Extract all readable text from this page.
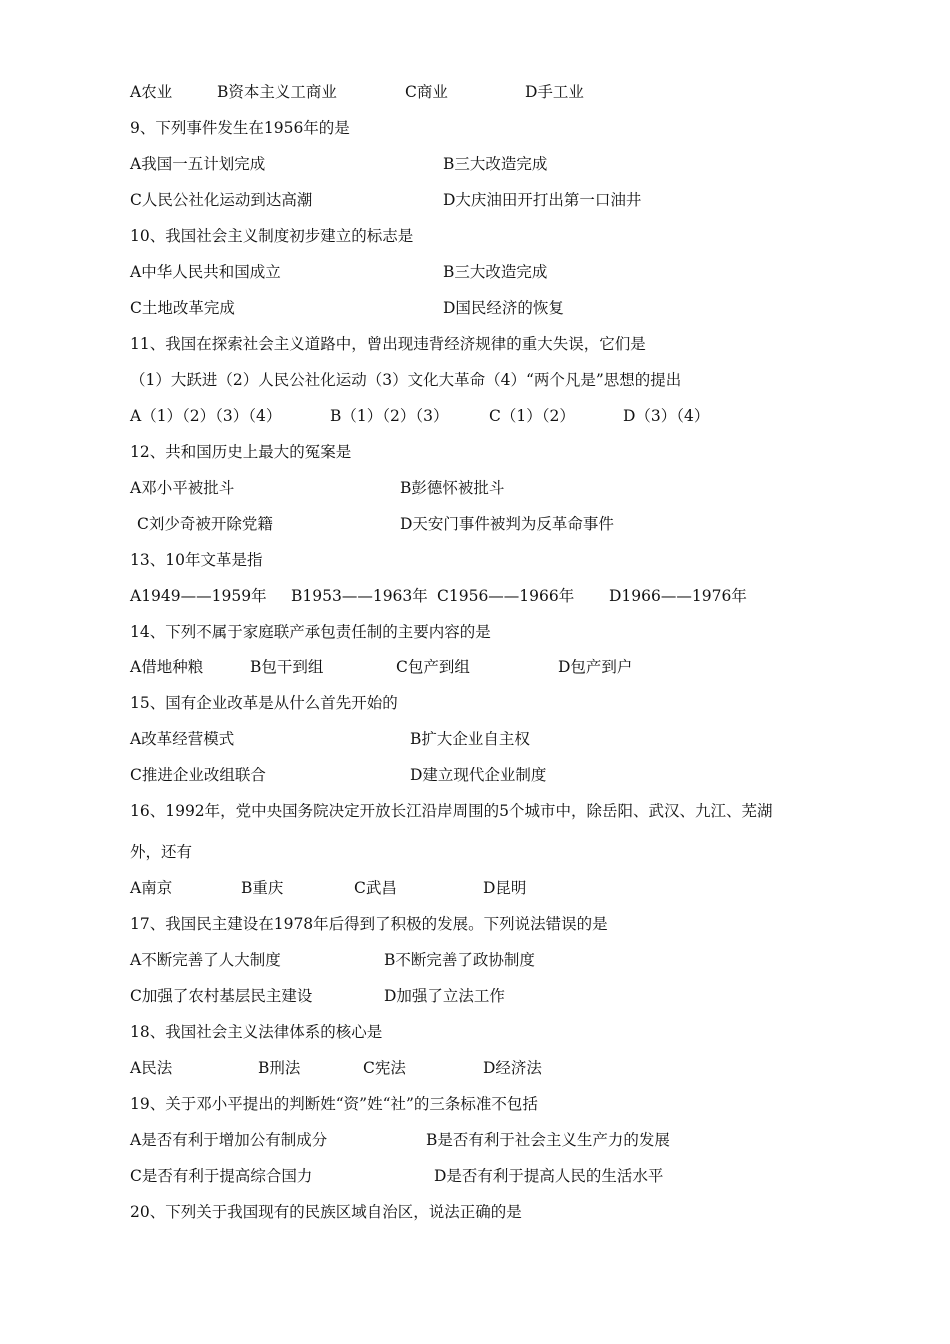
A农业	B资本主义工商业	C商业	D手工业
9、下列事件发生在1956年的是
A我国一五计划完成	B三大改造完成
C人民公社化运动到达高潮	D大庆油田开打出第一口油井
10、我国社会主义制度初步建立的标志是
A中华人民共和国成立	B三大改造完成
C土地改革完成	D国民经济的恢复
11、我国在探索社会主义道路中，曾出现违背经济规律的重大失误，它们是
（1）大跃进（2）人民公社化运动（3）文化大革命（4）“两个凡是”思想的提出
A（1）（2）（3）（4）	B（1）（2）（3）	C（1）（2）	D（3）（4）
12、共和国历史上最大的冤案是
A邓小平被批斗	B彭德怀被批斗
C刘少奇被开除党籍	D天安门事件被判为反革命事件
13、10年文革是指
A1949——1959年 B1953——1963年 C1956——1966年 D1966——1976年
14、下列不属于家庭联产承包责任制的主要内容的是
A借地种粮	B包干到组	C包产到组	D包产到户
15、国有企业改革是从什么首先开始的
A改革经营模式	B扩大企业自主权
C推进企业改组联合	D建立现代企业制度
16、1992年，党中央国务院决定开放长江沿岸周围的5个城市中，除岳阳、武汉、九江、芜湖
外，还有
A南京	B重庆	C武昌	D昆明
17、我国民主建设在1978年后得到了积极的发展。下列说法错误的是
A不断完善了人大制度	B不断完善了政协制度
C加强了农村基层民主建设	D加强了立法工作
18、我国社会主义法律体系的核心是
A民法	B刑法	C宪法	D经济法
19、关于邓小平提出的判断姓“资”姓“社”的三条标准不包括
A是否有利于增加公有制成分	B是否有利于社会主义生产力的发展
C是否有利于提高综合国力	D是否有利于提高人民的生活水平
20、下列关于我国现有的民族区域自治区，说法正确的是
